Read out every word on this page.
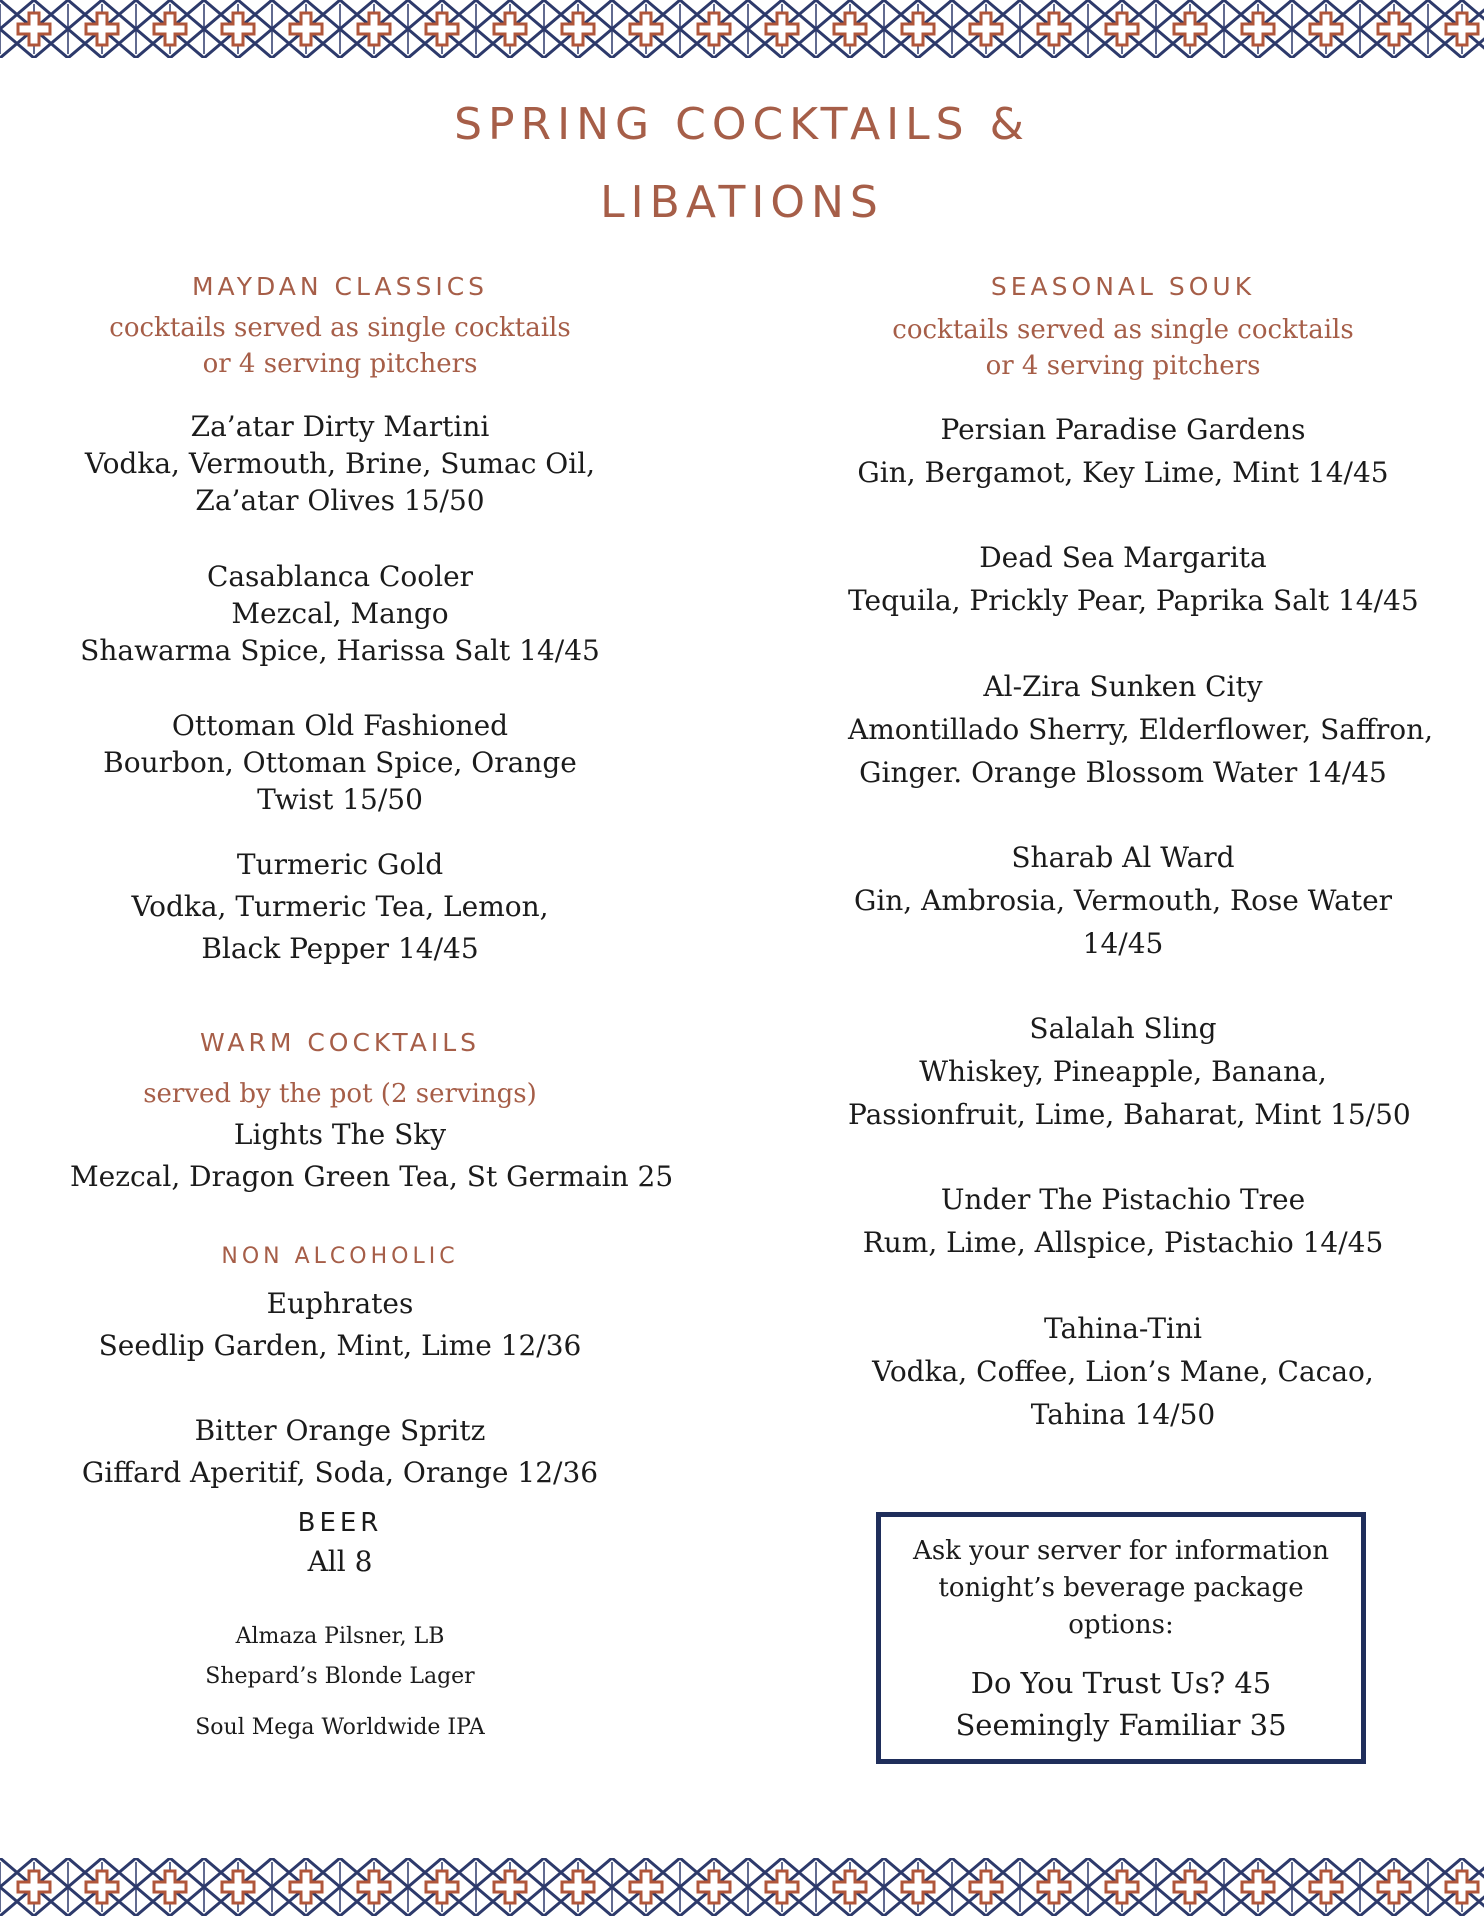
SPRING COCKTAILS &
LIBATIONS
MAYDAN CLASSICS
cocktails served as single cocktails
or 4 serving pitchers
Za’atar Dirty Martini
Vodka, Vermouth, Brine, Sumac Oil,
Za’atar Olives 15/50
Casablanca Cooler
Mezcal, Mango
Shawarma Spice, Harissa Salt 14/45
Ottoman Old Fashioned
Bourbon, Ottoman Spice, Orange
Twist 15/50
Turmeric Gold
Vodka, Turmeric Tea, Lemon,
Black Pepper 14/45
WARM COCKTAILS
served by the pot (2 servings)
Lights The Sky
Mezcal, Dragon Green Tea, St Germain 25
NON ALCOHOLIC
Euphrates
Seedlip Garden, Mint, Lime 12/36
Bitter Orange Spritz
Giffard Aperitif, Soda, Orange 12/36
BEER
All 8
Almaza Pilsner, LB
Shepard’s Blonde Lager
Soul Mega Worldwide IPA
SEASONAL SOUK
cocktails served as single cocktails
or 4 serving pitchers
Persian Paradise Gardens
Gin, Bergamot, Key Lime, Mint 14/45
Dead Sea Margarita
Tequila, Prickly Pear, Paprika Salt 14/45
Al-Zira Sunken City
Amontillado Sherry, Elderflower, Saffron,
Ginger. Orange Blossom Water 14/45
Sharab Al Ward
Gin, Ambrosia, Vermouth, Rose Water
14/45
Salalah Sling
Whiskey, Pineapple, Banana,
Passionfruit, Lime, Baharat, Mint 15/50
Under The Pistachio Tree
Rum, Lime, Allspice, Pistachio 14/45
Tahina-Tini
Vodka, Coffee, Lion’s Mane, Cacao,
Tahina 14/50
Ask your server for information
tonight’s beverage package
options:
Do You Trust Us? 45
Seemingly Familiar 35
